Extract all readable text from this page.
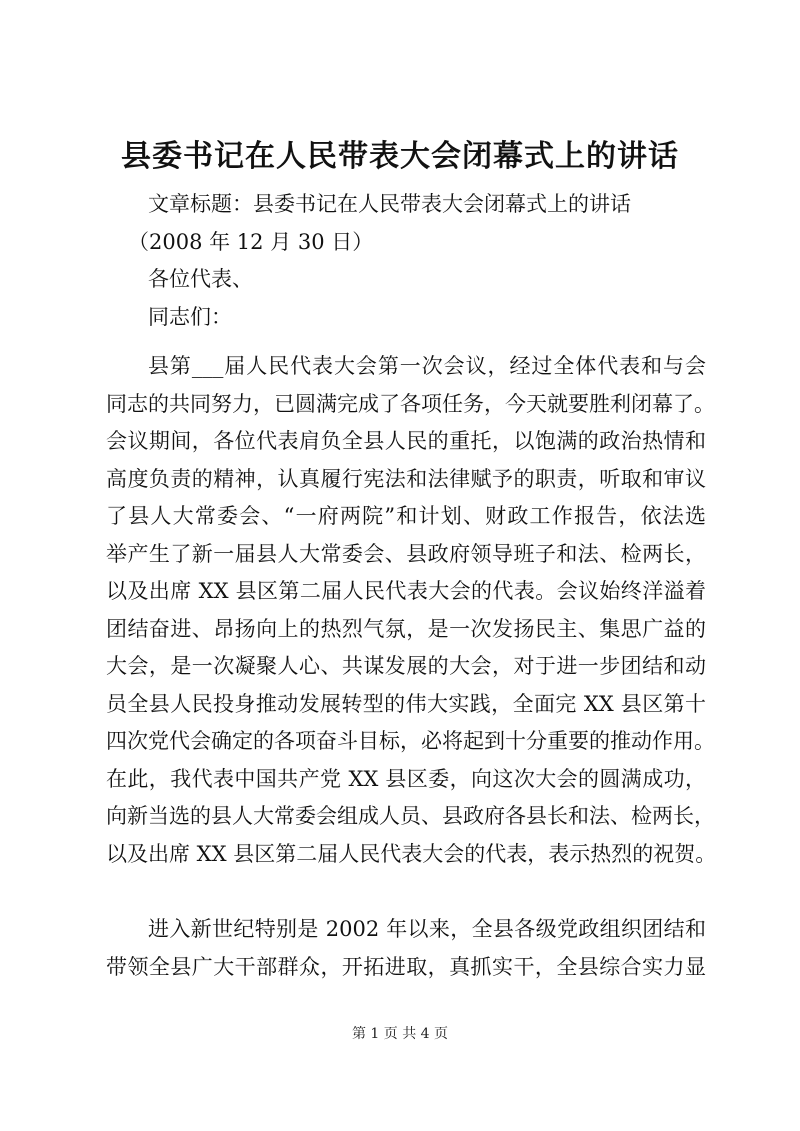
县委书记在人民带表大会闭幕式上的讲话
文章标题：县委书记在人民带表大会闭幕式上的讲话
（2008 年 12 月 30 日）
各位代表、
同志们：
县第___届人民代表大会第一次会议，经过全体代表和与会
同志的共同努力，已圆满完成了各项任务，今天就要胜利闭幕了。
会议期间，各位代表肩负全县人民的重托，以饱满的政治热情和
高度负责的精神，认真履行宪法和法律赋予的职责，听取和审议
了县人大常委会、“一府两院”和计划、财政工作报告，依法选
举产生了新一届县人大常委会、县政府领导班子和法、检两长，
以及出席 XX 县区第二届人民代表大会的代表。会议始终洋溢着
团结奋进、昂扬向上的热烈气氛，是一次发扬民主、集思广益的
大会，是一次凝聚人心、共谋发展的大会，对于进一步团结和动
员全县人民投身推动发展转型的伟大实践，全面完 XX 县区第十
四次党代会确定的各项奋斗目标，必将起到十分重要的推动作用。
在此，我代表中国共产党 XX 县区委，向这次大会的圆满成功，
向新当选的县人大常委会组成人员、县政府各县长和法、检两长，
以及出席 XX 县区第二届人民代表大会的代表，表示热烈的祝贺。
进入新世纪特别是 2002 年以来，全县各级党政组织团结和
带领全县广大干部群众，开拓进取，真抓实干，全县综合实力显
第 1 页 共 4 页
